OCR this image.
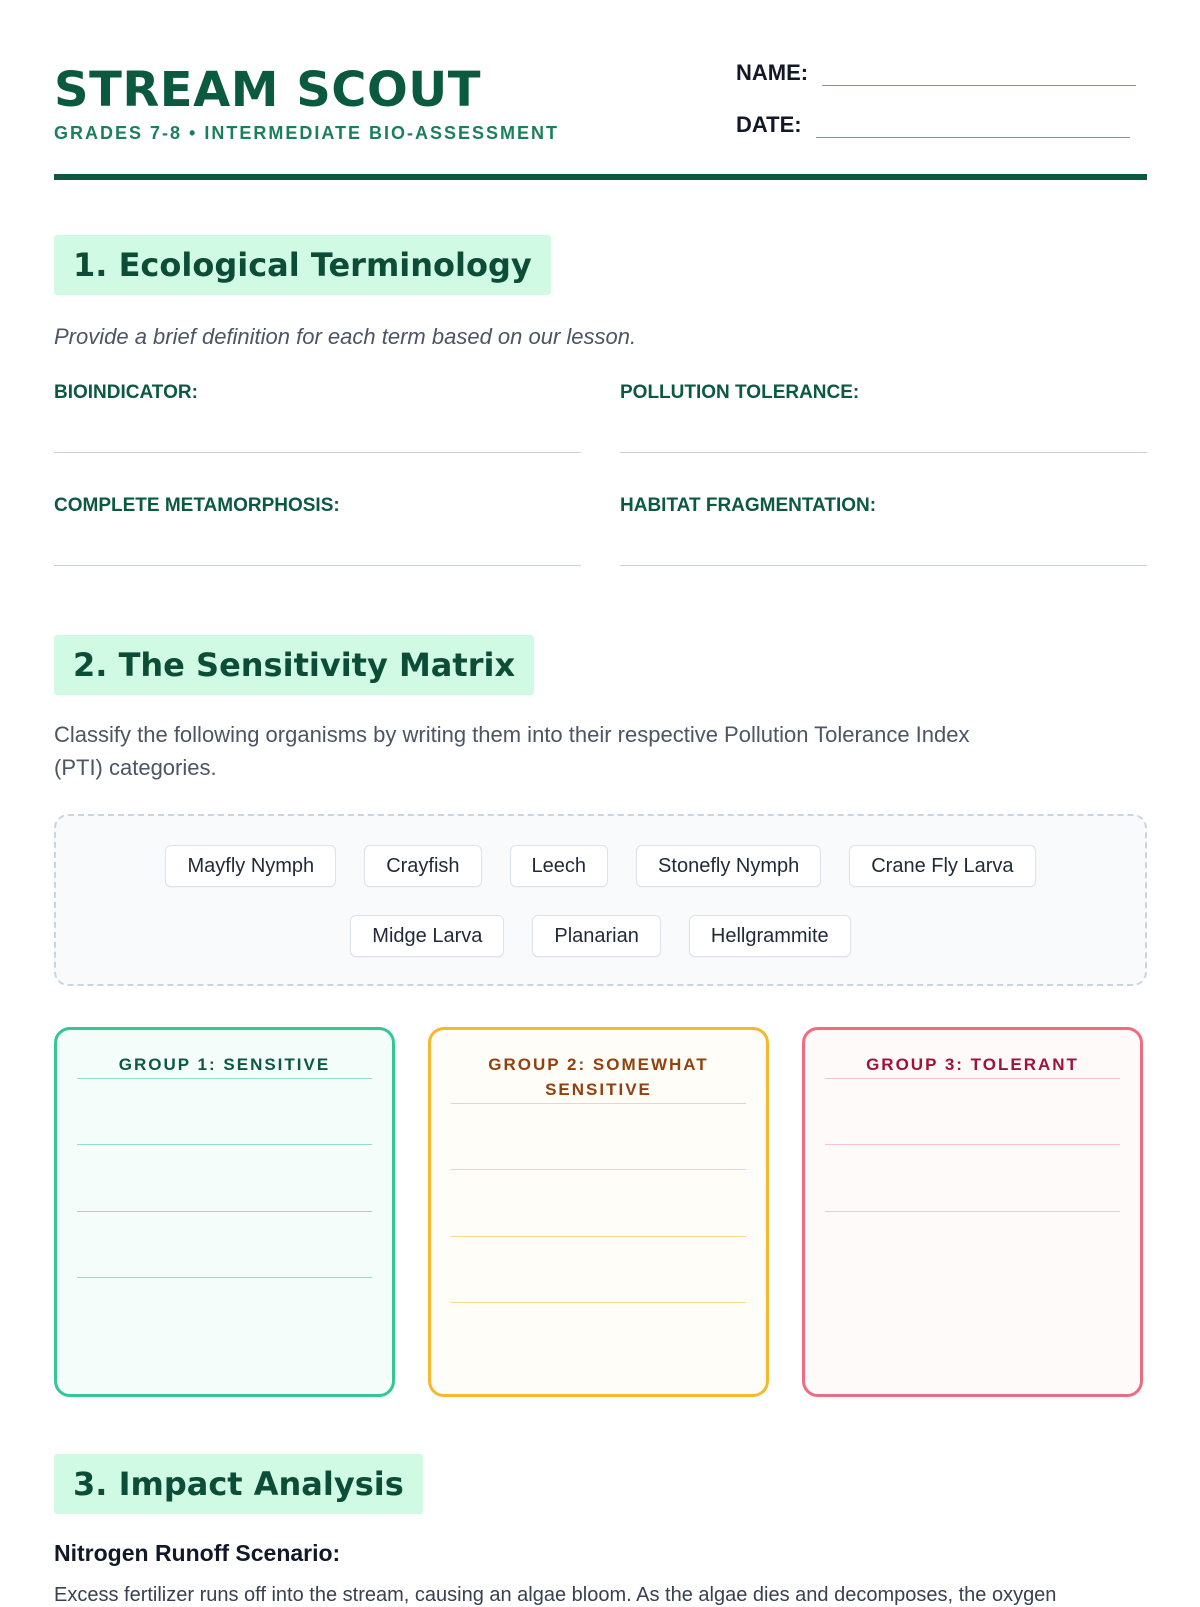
STREAM SCOUT
GRADES 7-8 • INTERMEDIATE BIO-ASSESSMENT
NAME:
DATE:
1. Ecological Terminology
Provide a brief definition for each term based on our lesson.
BIOINDICATOR:	POLLUTION TOLERANCE:
COMPLETE METAMORPHOSIS:	HABITAT FRAGMENTATION:
2. The Sensitivity Matrix
Classify the following organisms by writing them into their respective Pollution Tolerance Index
(PTI) categories.
Mayfly Nymph	Crayfish	Leech	Stonefly Nymph	Crane Fly Larva
Midge Larva	Planarian	Hellgrammite
GROUP 1: SENSITIVE	GROUP 2: SOMEWHAT
SENSITIVE
GROUP 3: TOLERANT
3. Impact Analysis
Nitrogen Runoff Scenario:
Excess fertilizer runs off into the stream, causing an algae bloom. As the algae dies and decomposes, the oxygen
